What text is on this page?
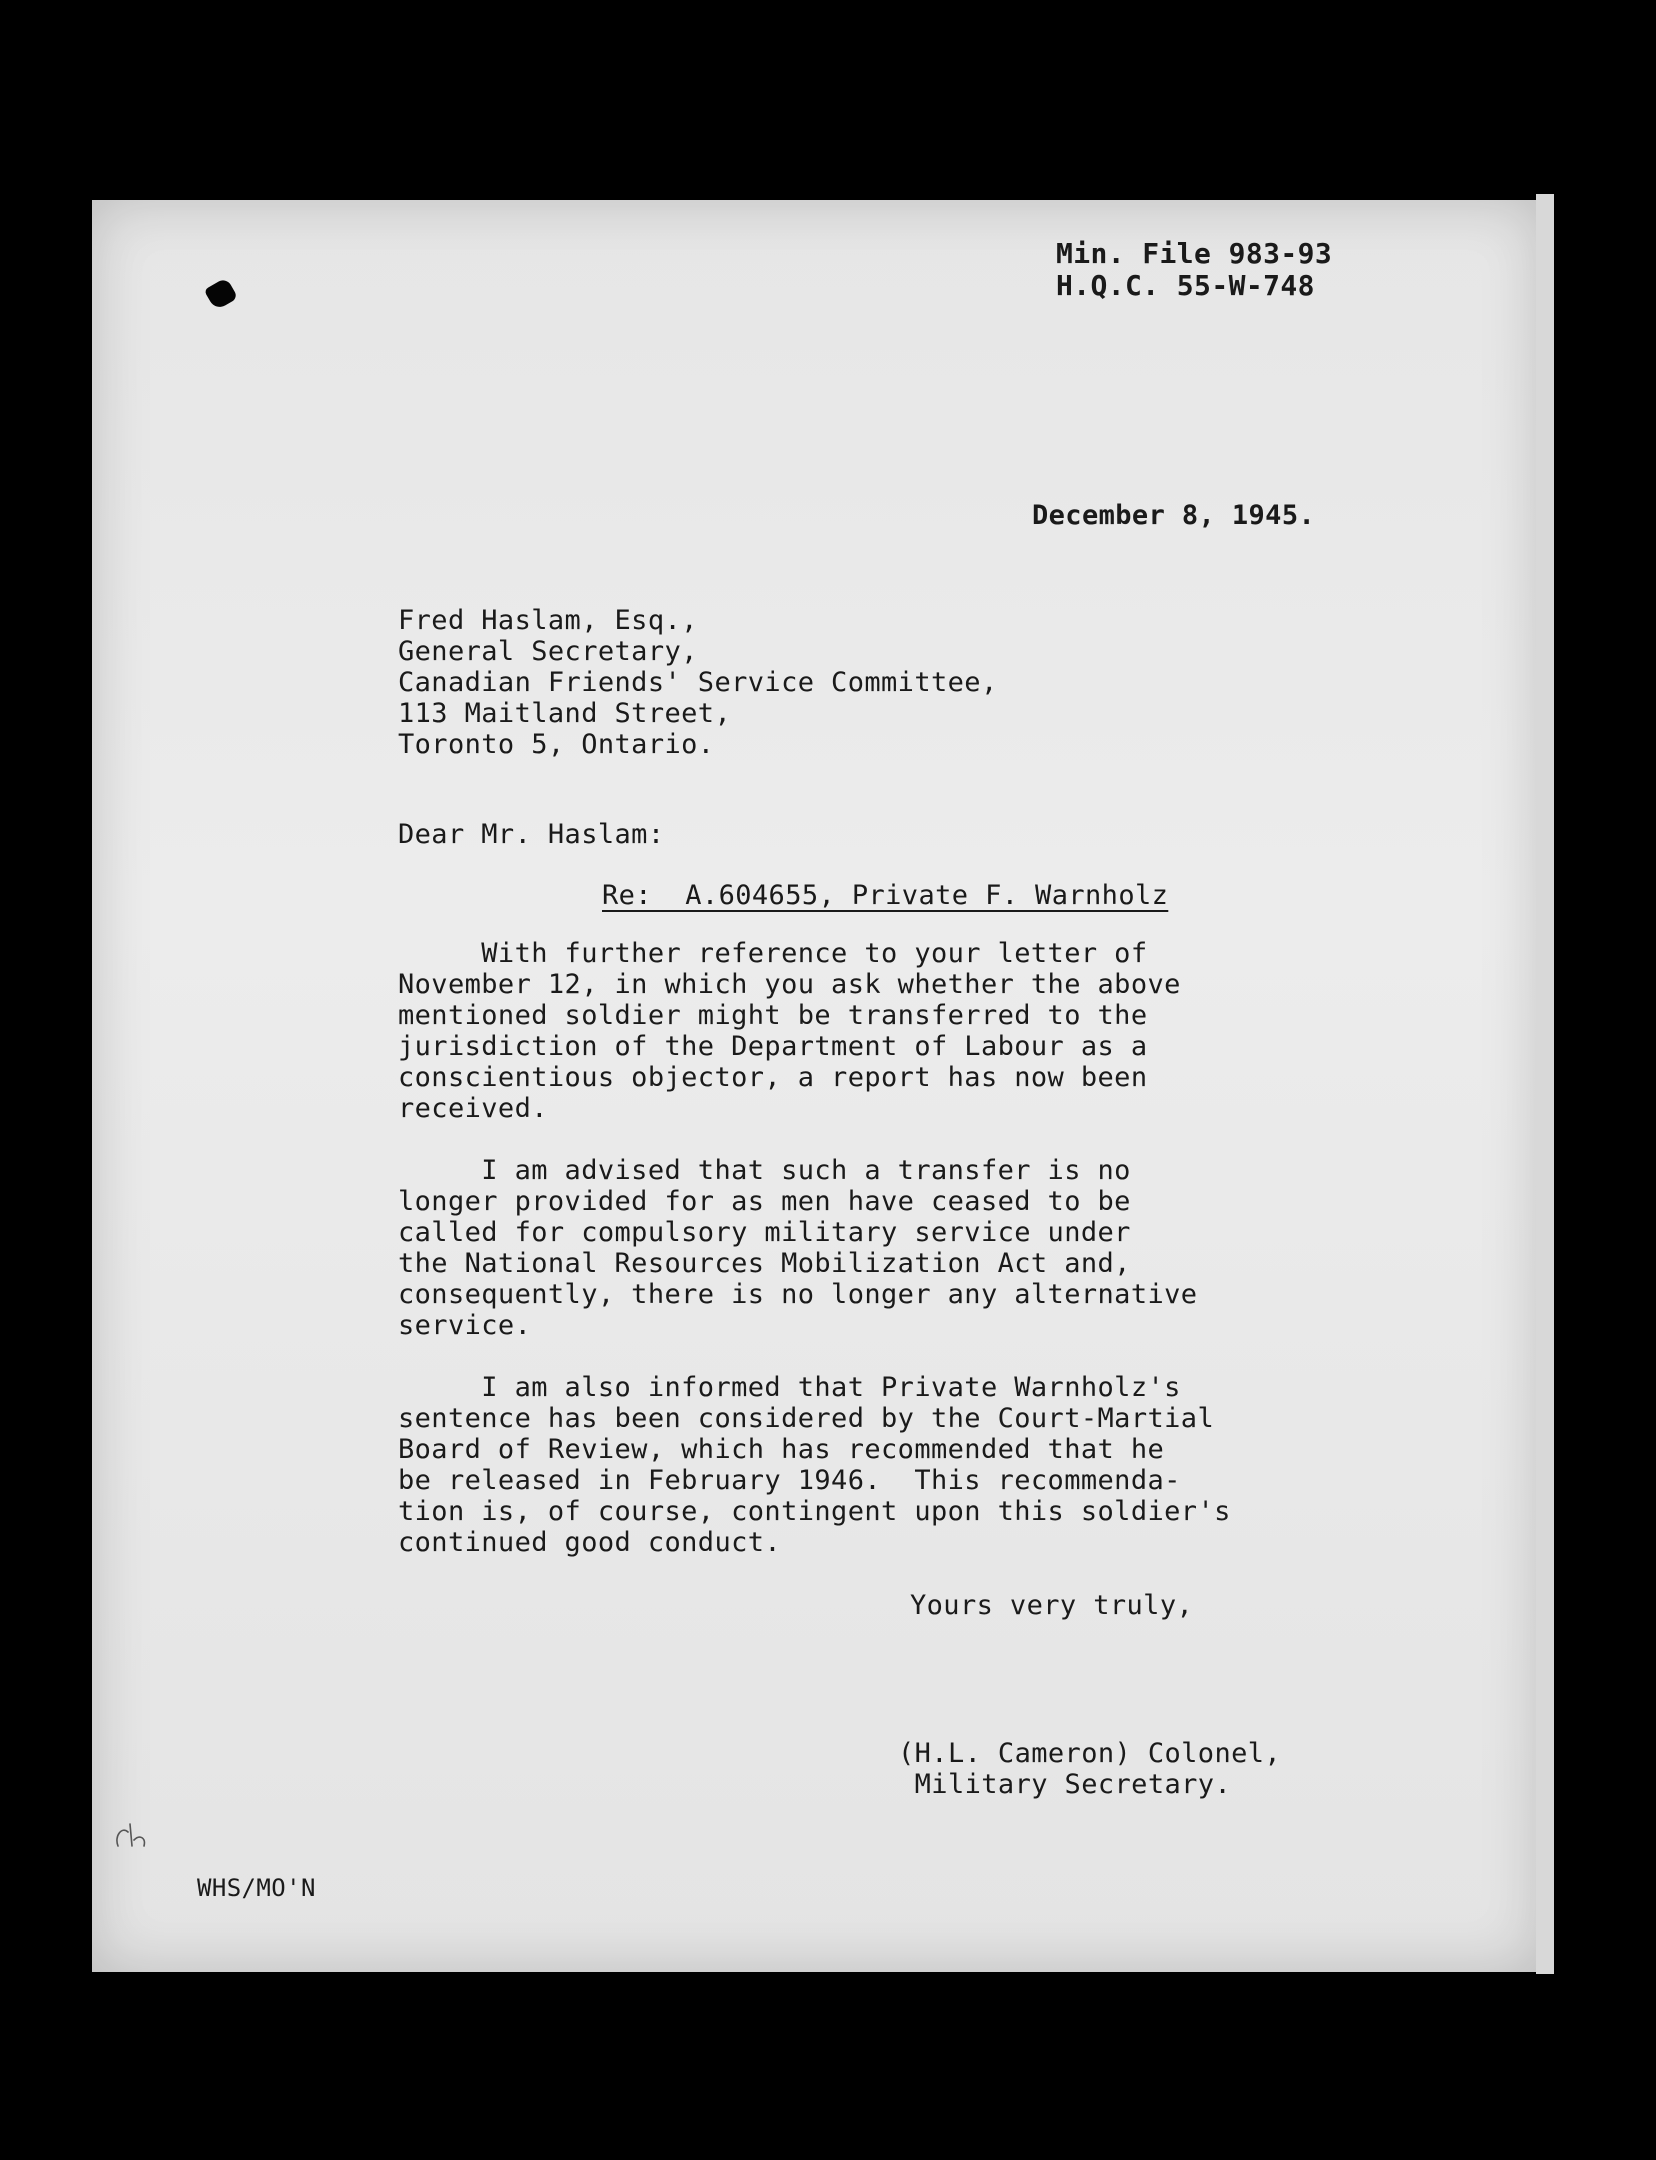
Min. File 983-93
H.Q.C. 55-W-748
December 8, 1945.
Fred Haslam, Esq.,
General Secretary,
Canadian Friends' Service Committee,
113 Maitland Street,
Toronto 5, Ontario.
Dear Mr. Haslam:
Re:  A.604655, Private F. Warnholz
With further reference to your letter of
November 12, in which you ask whether the above
mentioned soldier might be transferred to the
jurisdiction of the Department of Labour as a
conscientious objector, a report has now been
received.
I am advised that such a transfer is no
longer provided for as men have ceased to be
called for compulsory military service under
the National Resources Mobilization Act and,
consequently, there is no longer any alternative
service.
I am also informed that Private Warnholz's
sentence has been considered by the Court-Martial
Board of Review, which has recommended that he
be released in February 1946.  This recommenda-
tion is, of course, contingent upon this soldier's
continued good conduct.
Yours very truly,
(H.L. Cameron) Colonel,
Military Secretary.
WHS/MO'N
